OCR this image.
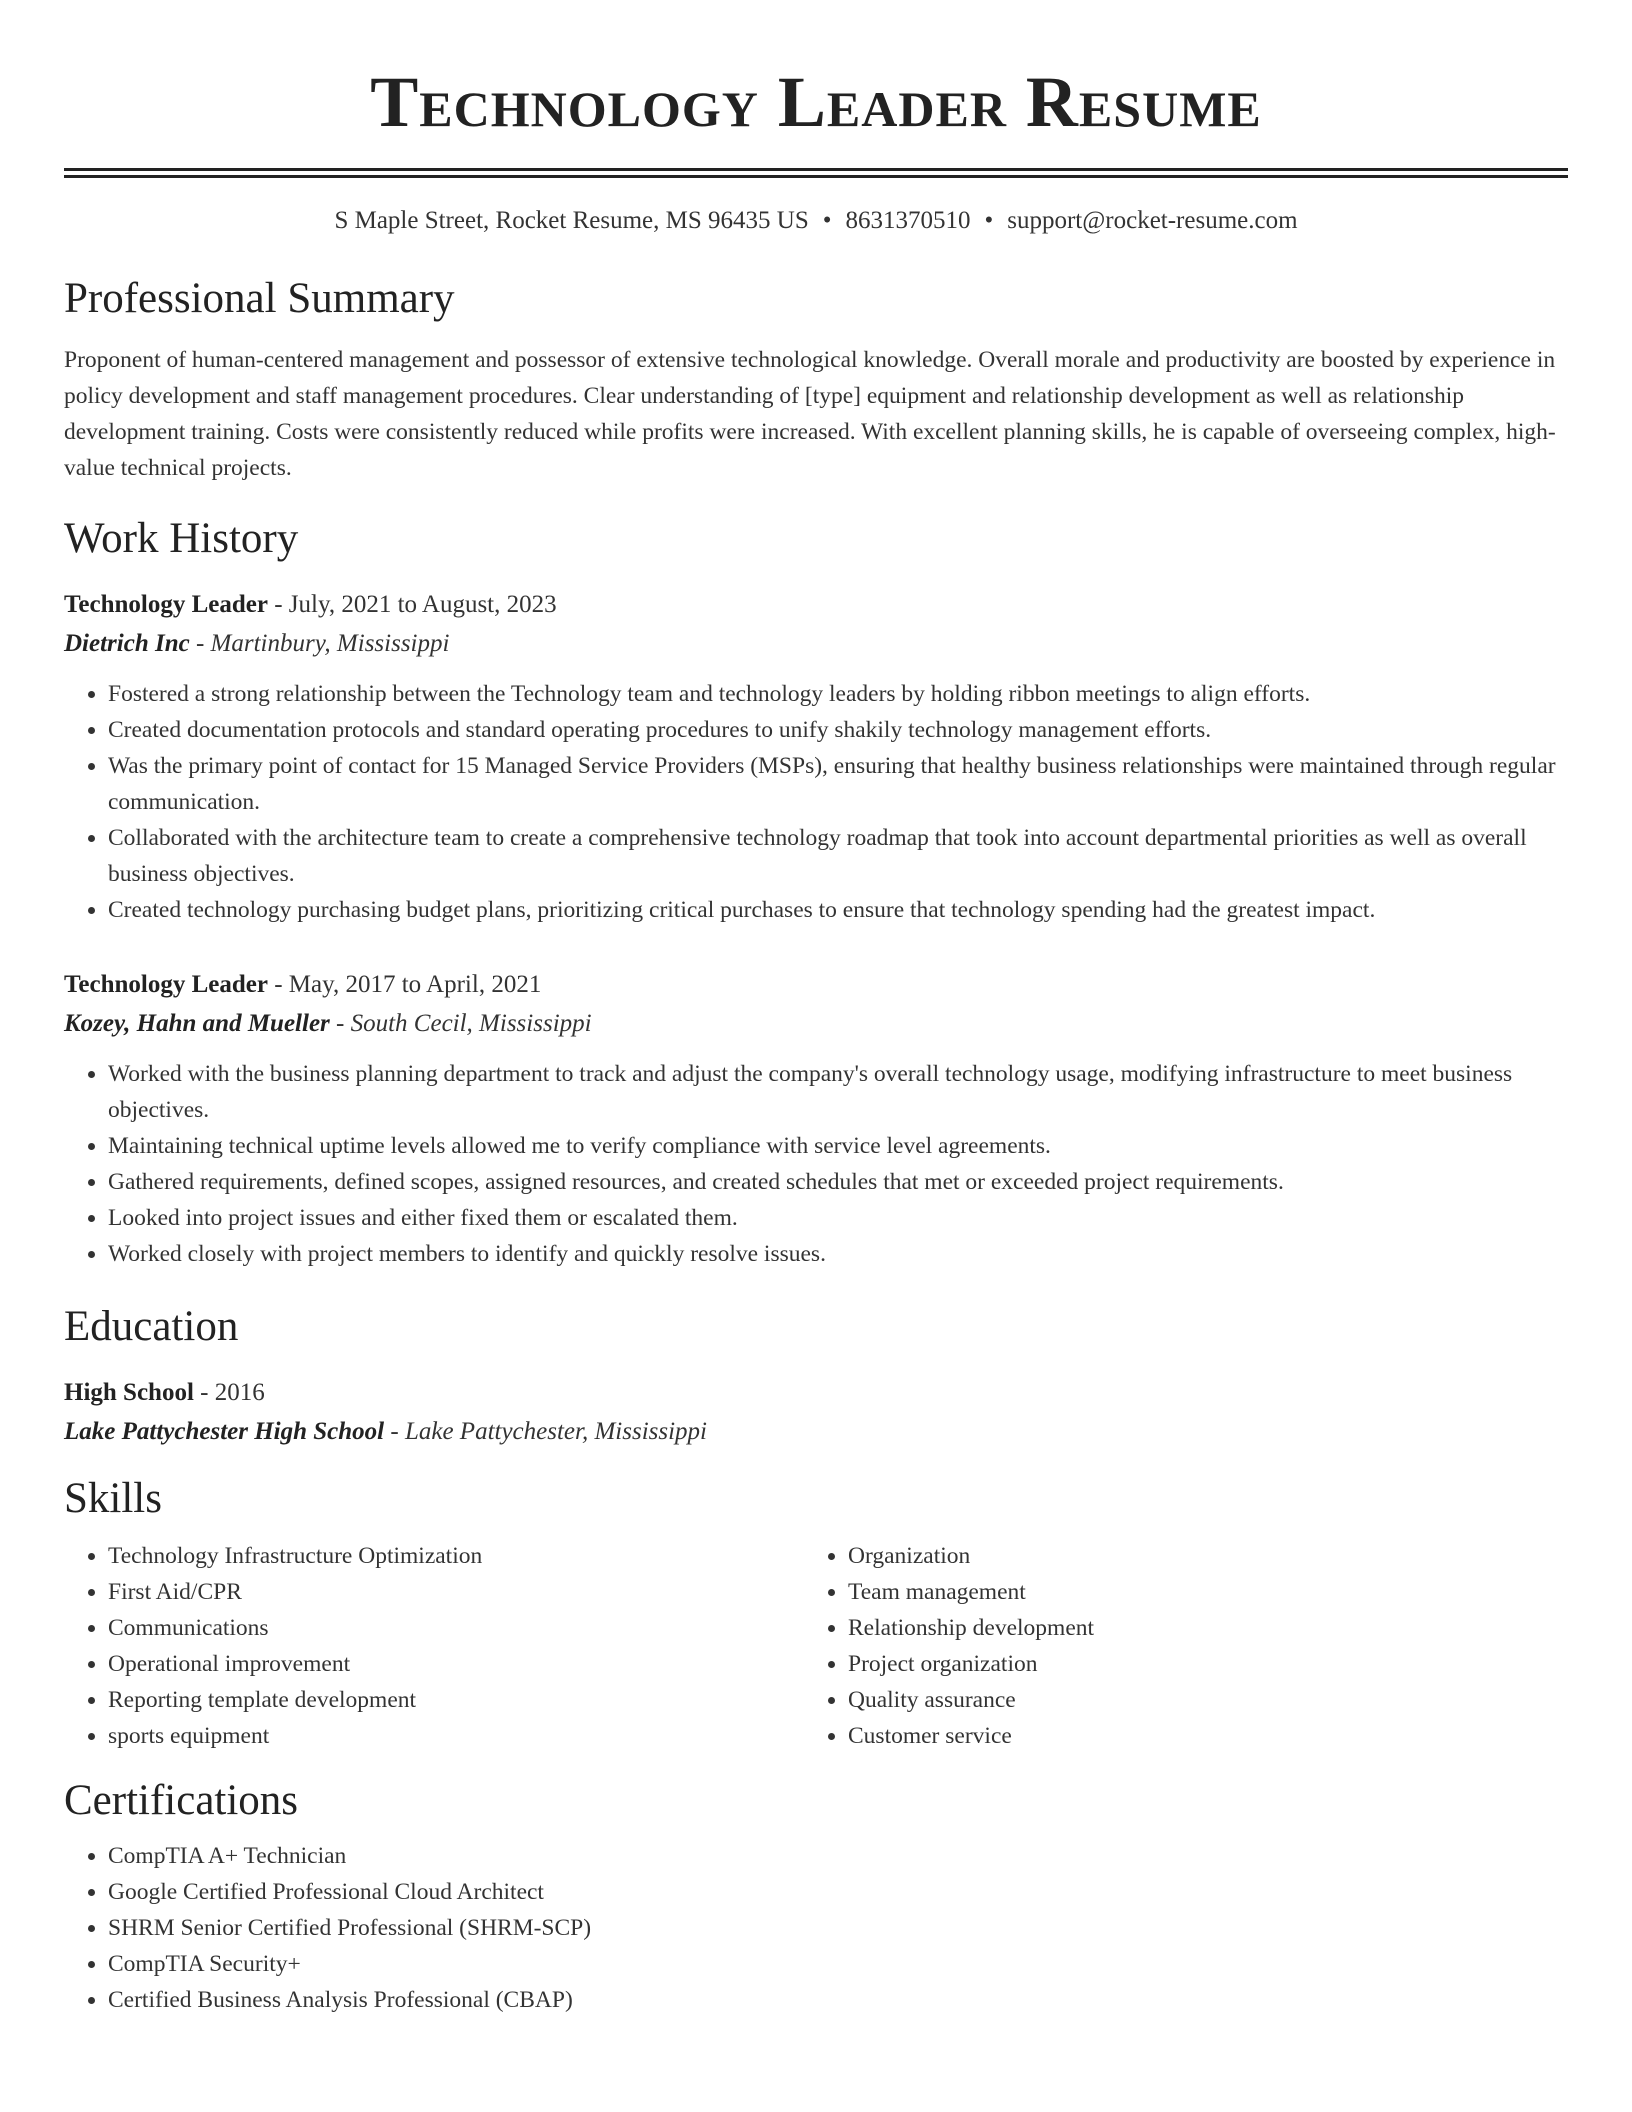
Technology Leader Resume
S Maple Street, Rocket Resume, MS 96435 US • 8631370510 • support@rocket-resume.com
Professional Summary

Proponent of human-centered management and possessor of extensive technological knowledge. Overall morale and productivity are boosted by experience in policy development and staff management procedures. Clear understanding of [type] equipment and relationship development as well as relationship development training. Costs were consistently reduced while profits were increased. With excellent planning skills, he is capable of overseeing complex, high-value technical projects.

Work History
Technology Leader - July, 2021 to August, 2023
Dietrich Inc - Martinbury, Mississippi
• Fostered a strong relationship between the Technology team and technology leaders by holding ribbon meetings to align efforts.
• Created documentation protocols and standard operating procedures to unify shakily technology management efforts.
• Was the primary point of contact for 15 Managed Service Providers (MSPs), ensuring that healthy business relationships were maintained through regular communication.
• Collaborated with the architecture team to create a comprehensive technology roadmap that took into account departmental priorities as well as overall business objectives.
• Created technology purchasing budget plans, prioritizing critical purchases to ensure that technology spending had the greatest impact.
Technology Leader - May, 2017 to April, 2021
Kozey, Hahn and Mueller - South Cecil, Mississippi
• Worked with the business planning department to track and adjust the company's overall technology usage, modifying infrastructure to meet business objectives.
• Maintaining technical uptime levels allowed me to verify compliance with service level agreements.
• Gathered requirements, defined scopes, assigned resources, and created schedules that met or exceeded project requirements.
• Looked into project issues and either fixed them or escalated them.
• Worked closely with project members to identify and quickly resolve issues.
Education
High School - 2016
Lake Pattychester High School - Lake Pattychester, Mississippi
Skills
• Technology Infrastructure Optimization
• First Aid/CPR
• Communications
• Operational improvement
• Reporting template development
• sports equipment
• Organization
• Team management
• Relationship development
• Project organization
• Quality assurance
• Customer service
Certifications
• CompTIA A+ Technician
• Google Certified Professional Cloud Architect
• SHRM Senior Certified Professional (SHRM-SCP)
• CompTIA Security+
• Certified Business Analysis Professional (CBAP)
